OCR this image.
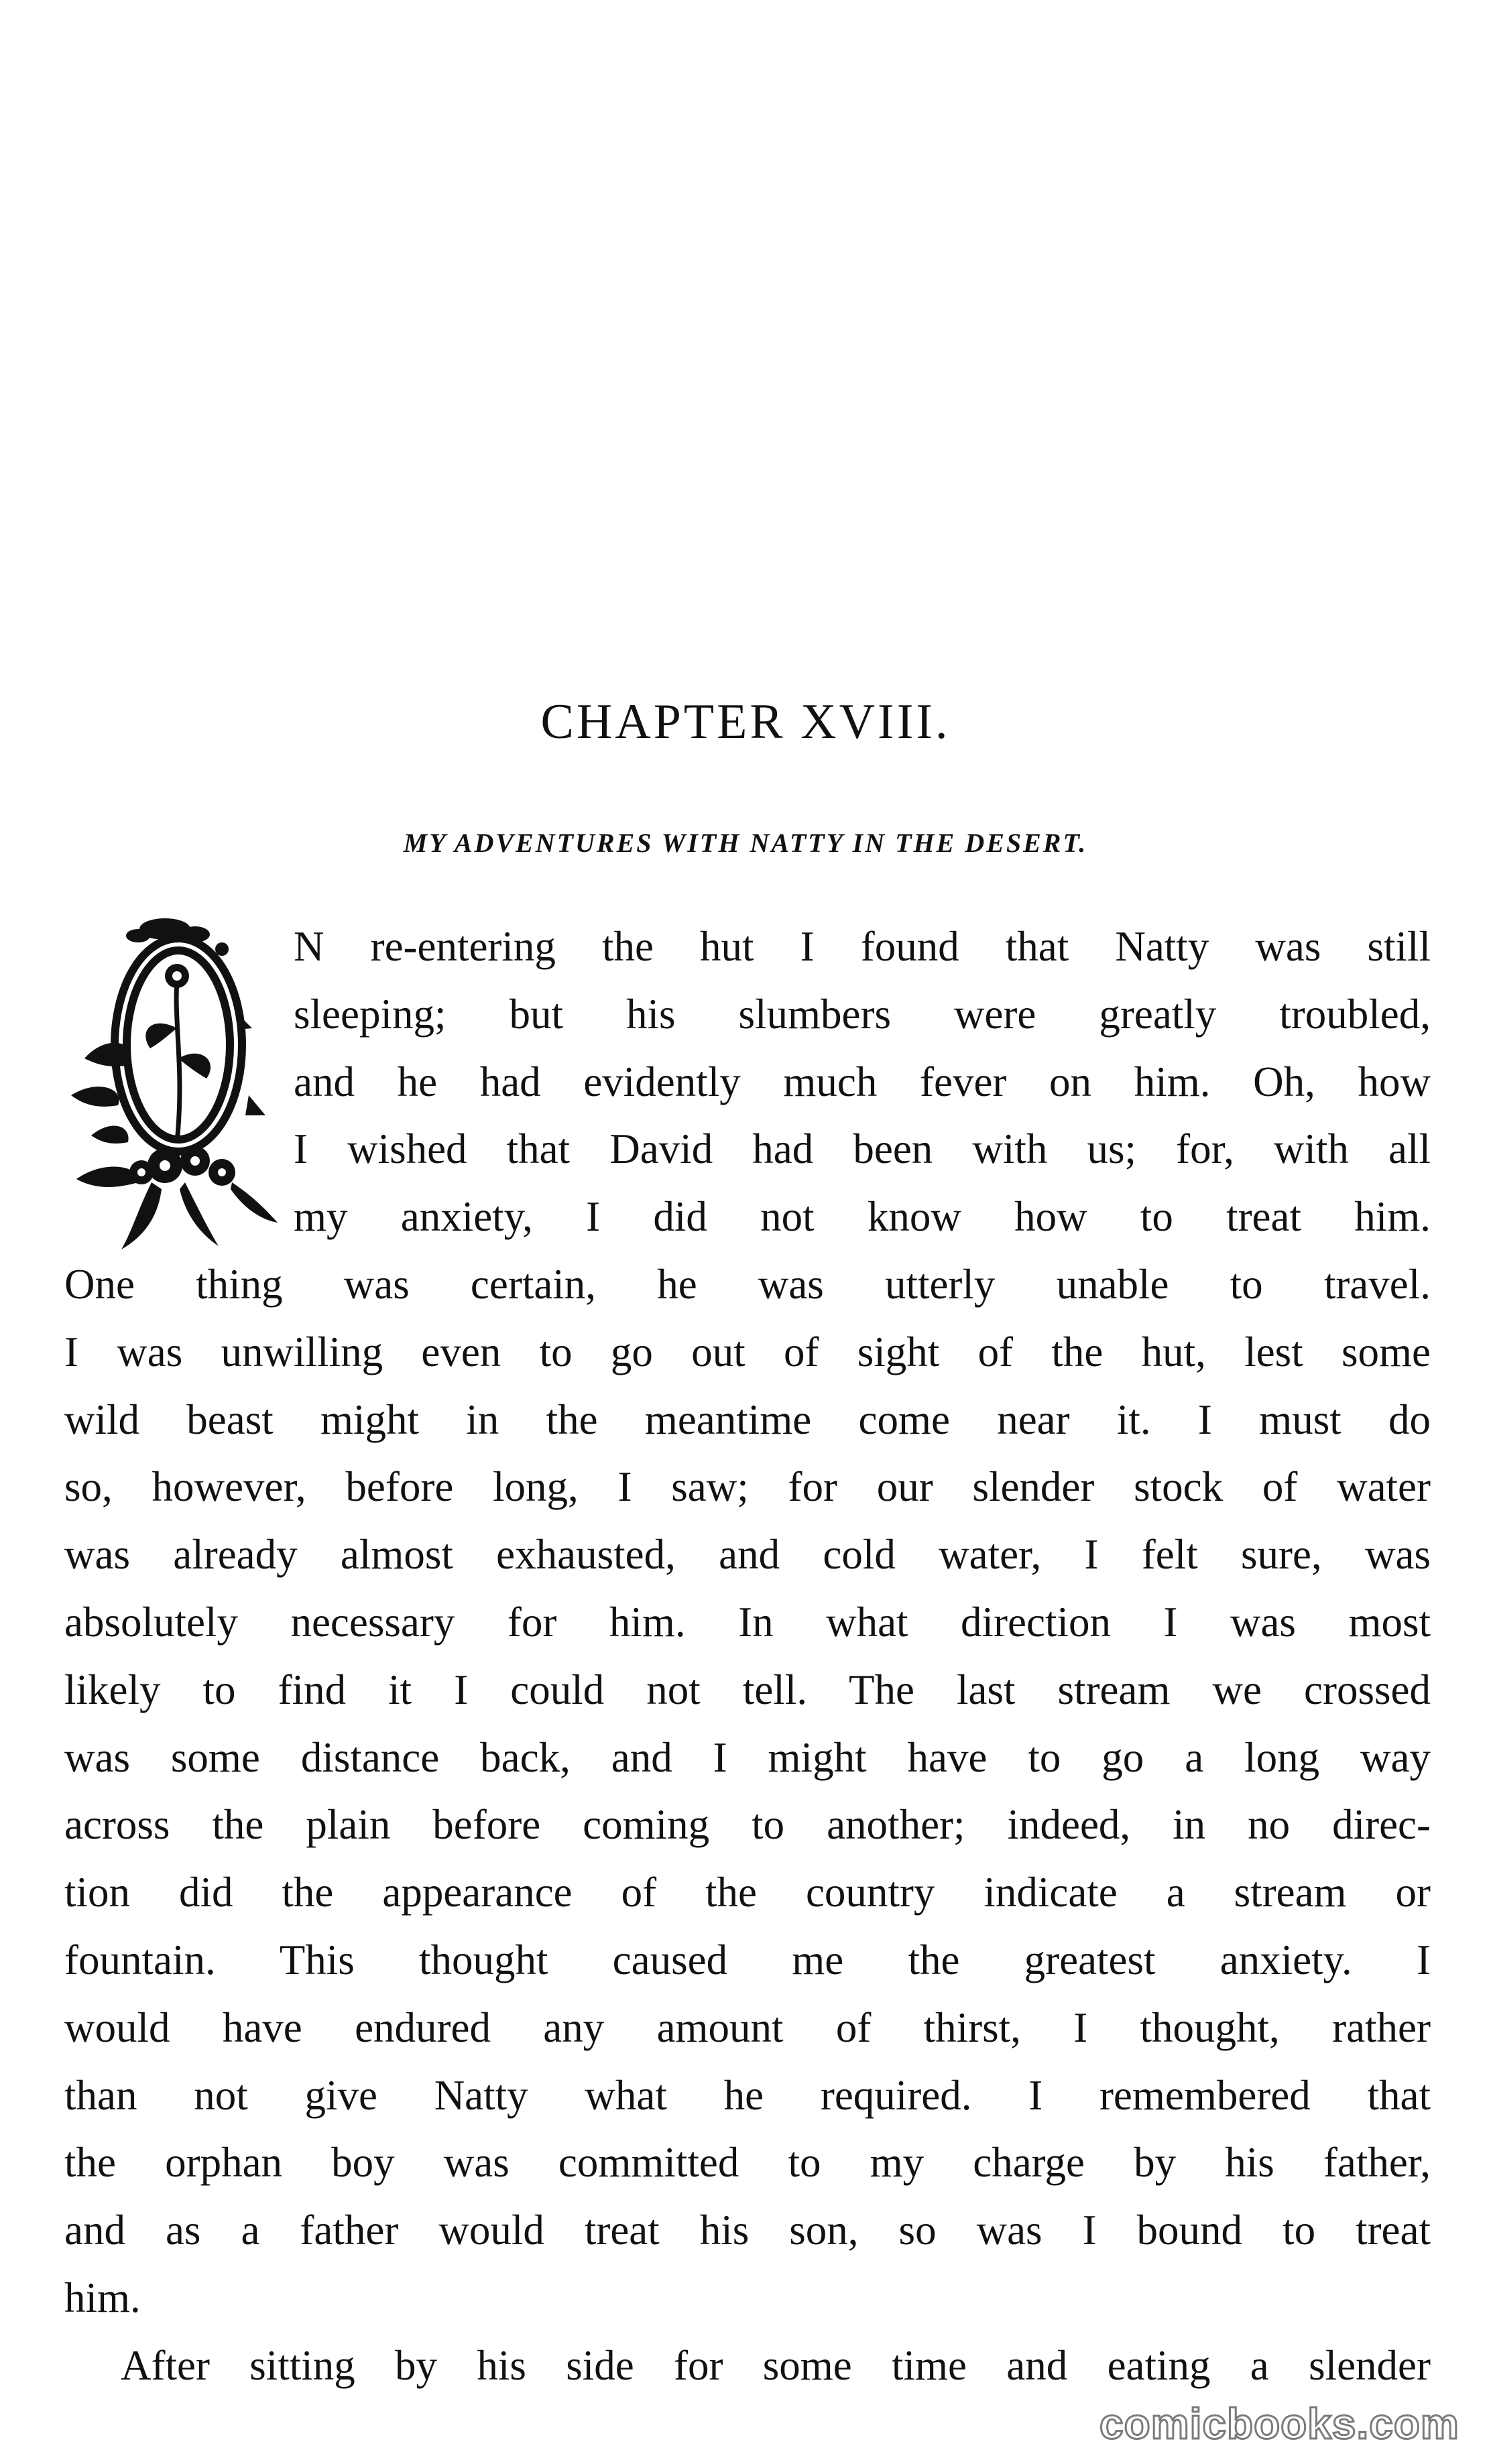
CHAPTER XVIII.
MY ADVENTURES WITH NATTY IN THE DESERT.
N re-entering the hut I found that Natty was still
sleeping; but his slumbers were greatly troubled,
and he had evidently much fever on him. Oh, how
I wished that David had been with us; for, with all
my anxiety, I did not know how to treat him.
One thing was certain, he was utterly unable to travel.
I was unwilling even to go out of sight of the hut, lest some
wild beast might in the meantime come near it. I must do
so, however, before long, I saw; for our slender stock of water
was already almost exhausted, and cold water, I felt sure, was
absolutely necessary for him. In what direction I was most
likely to find it I could not tell. The last stream we crossed
was some distance back, and I might have to go a long way
across the plain before coming to another; indeed, in no direc-
tion did the appearance of the country indicate a stream or
fountain. This thought caused me the greatest anxiety. I
would have endured any amount of thirst, I thought, rather
than not give Natty what he required. I remembered that
the orphan boy was committed to my charge by his father,
and as a father would treat his son, so was I bound to treat
him.
After sitting by his side for some time and eating a slender
comicbooks.com
